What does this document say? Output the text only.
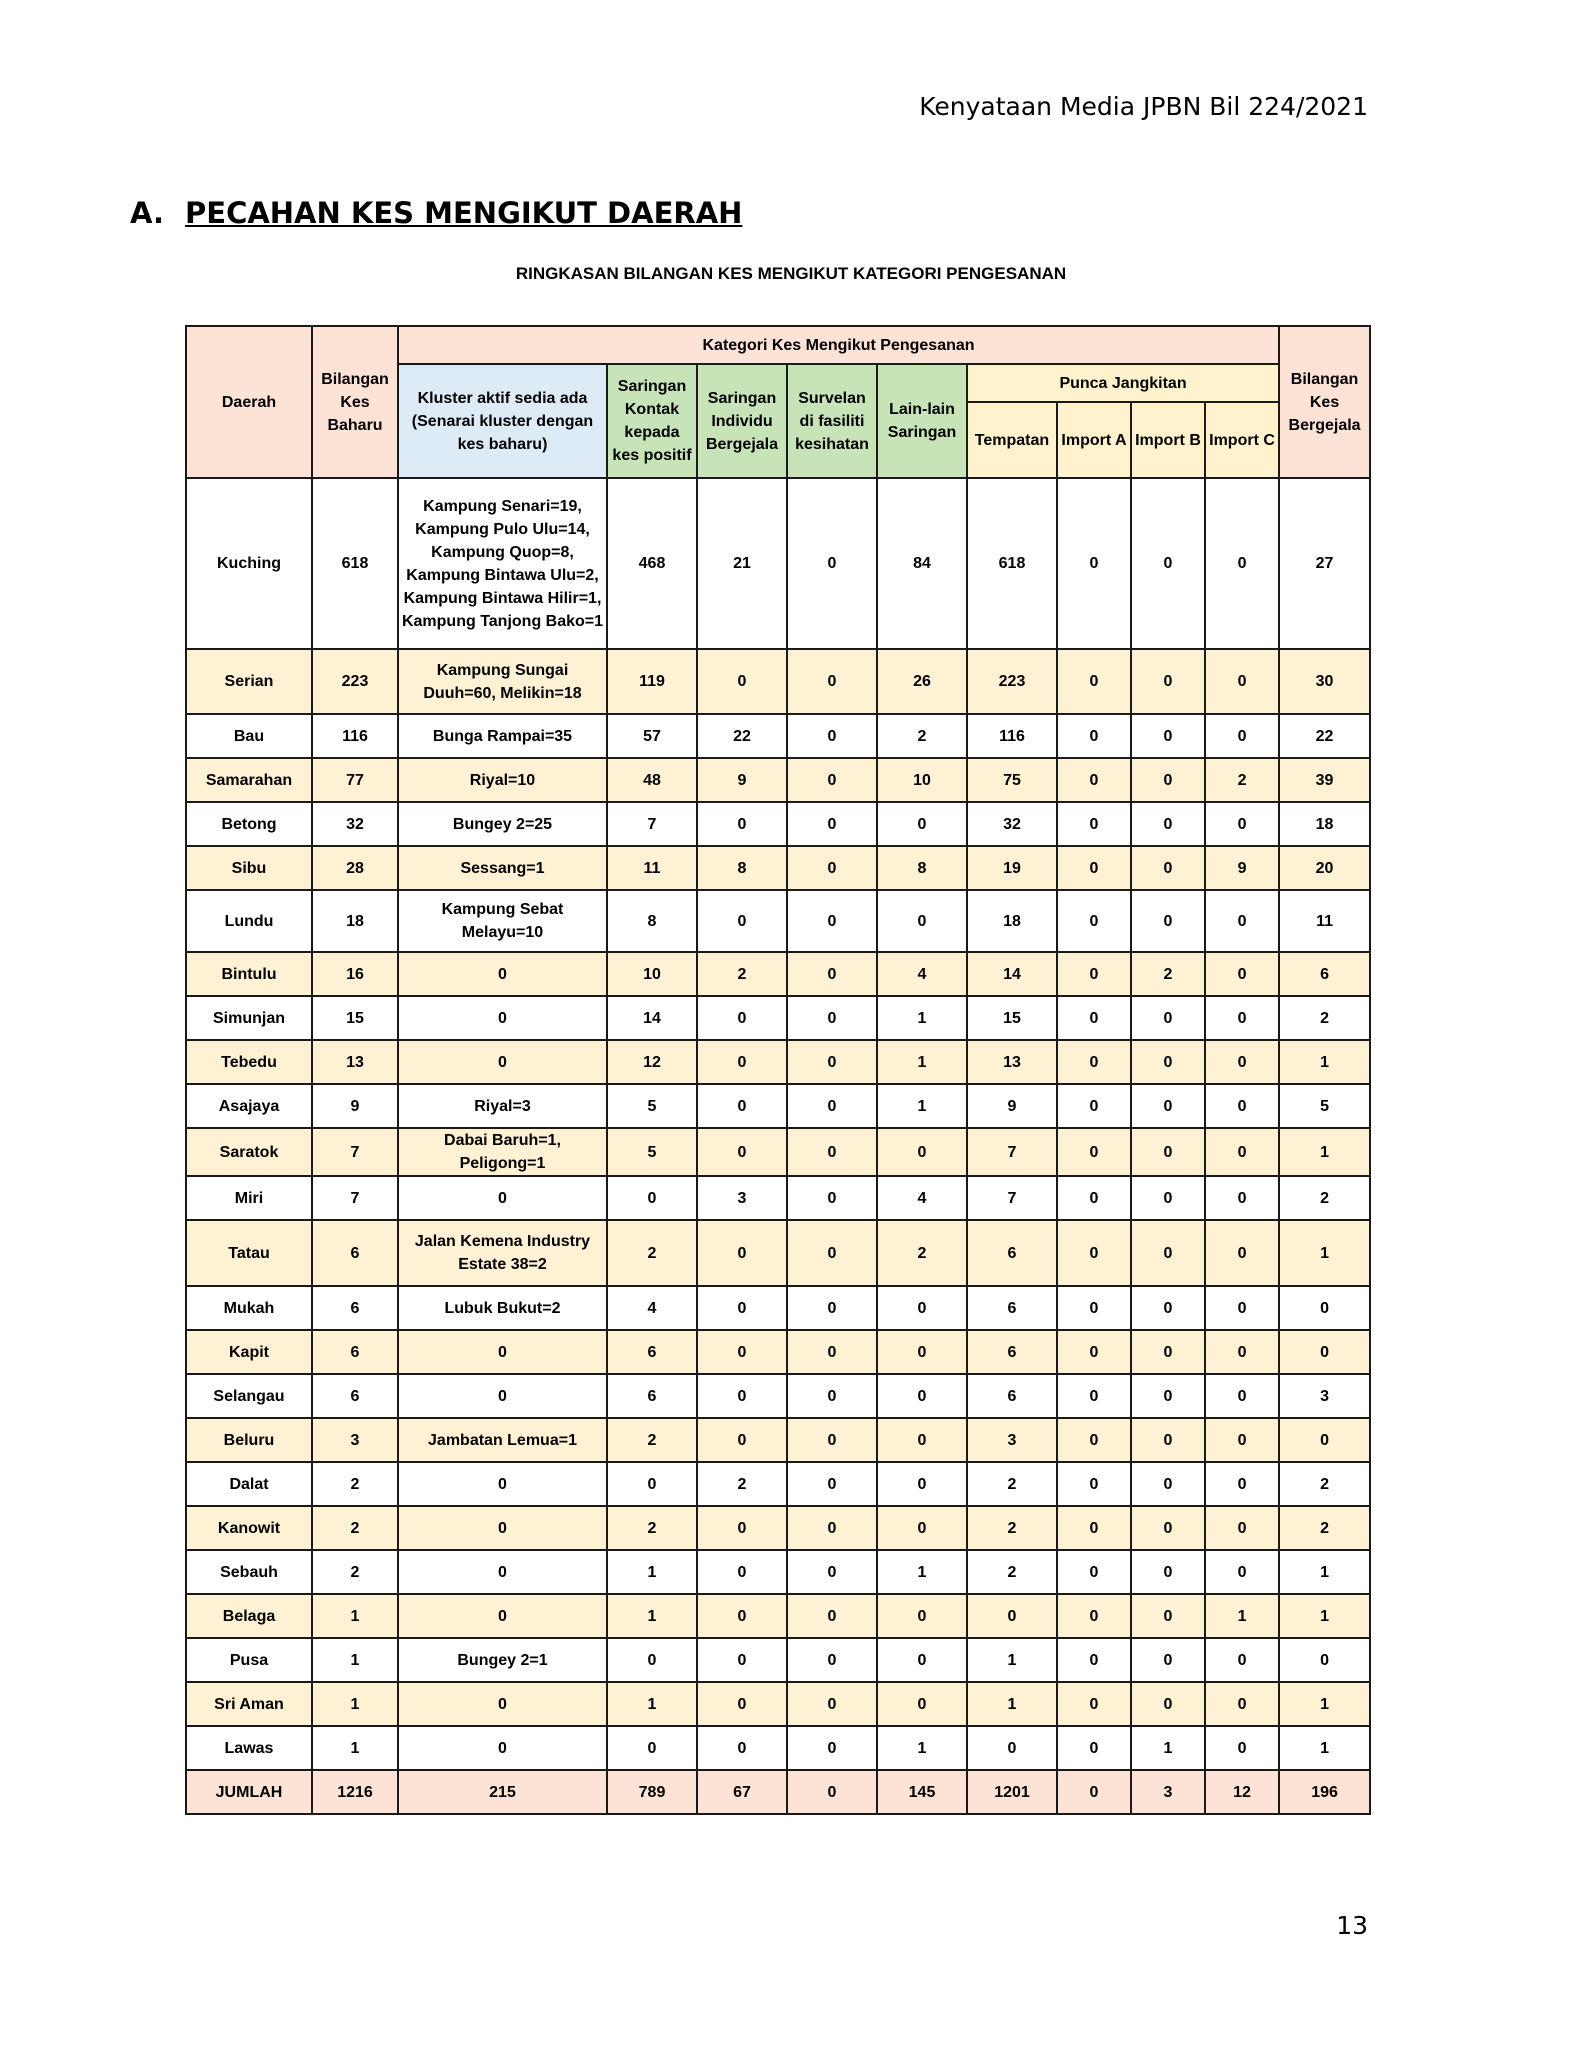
Kenyataan Media JPBN Bil 224/2021
A. PECAHAN KES MENGIKUT DAERAH
RINGKASAN BILANGAN KES MENGIKUT KATEGORI PENGESANAN
Daerah	Bilangan Kes Baharu	Kategori Kes Mengikut Pengesanan									Bilangan Kes Bergejala
		Kluster aktif sedia ada (Senarai kluster dengan kes baharu)	Saringan Kontak kepada kes positif	Saringan Individu Bergejala	Survelan di fasiliti kesihatan	Lain-lain Saringan	Punca Jangkitan				
							Tempatan	Import A	Import B	Import C	
Kuching	618	Kampung Senari=19, Kampung Pulo Ulu=14, Kampung Quop=8, Kampung Bintawa Ulu=2, Kampung Bintawa Hilir=1, Kampung Tanjong Bako=1	468	21	0	84	618	0	0	0	27
Serian	223	Kampung Sungai Duuh=60, Melikin=18	119	0	0	26	223	0	0	0	30
Bau	116	Bunga Rampai=35	57	22	0	2	116	0	0	0	22
Samarahan	77	Riyal=10	48	9	0	10	75	0	0	2	39
Betong	32	Bungey 2=25	7	0	0	0	32	0	0	0	18
Sibu	28	Sessang=1	11	8	0	8	19	0	0	9	20
Lundu	18	Kampung Sebat Melayu=10	8	0	0	0	18	0	0	0	11
Bintulu	16	0	10	2	0	4	14	0	2	0	6
Simunjan	15	0	14	0	0	1	15	0	0	0	2
Tebedu	13	0	12	0	0	1	13	0	0	0	1
Asajaya	9	Riyal=3	5	0	0	1	9	0	0	0	5
Saratok	7	Dabai Baruh=1, Peligong=1	5	0	0	0	7	0	0	0	1
Miri	7	0	0	3	0	4	7	0	0	0	2
Tatau	6	Jalan Kemena Industry Estate 38=2	2	0	0	2	6	0	0	0	1
Mukah	6	Lubuk Bukut=2	4	0	0	0	6	0	0	0	0
Kapit	6	0	6	0	0	0	6	0	0	0	0
Selangau	6	0	6	0	0	0	6	0	0	0	3
Beluru	3	Jambatan Lemua=1	2	0	0	0	3	0	0	0	0
Dalat	2	0	0	2	0	0	2	0	0	0	2
Kanowit	2	0	2	0	0	0	2	0	0	0	2
Sebauh	2	0	1	0	0	1	2	0	0	0	1
Belaga	1	0	1	0	0	0	0	0	0	1	1
Pusa	1	Bungey 2=1	0	0	0	0	1	0	0	0	0
Sri Aman	1	0	1	0	0	0	1	0	0	0	1
Lawas	1	0	0	0	0	1	0	0	1	0	1
JUMLAH	1216	215	789	67	0	145	1201	0	3	12	196
13
